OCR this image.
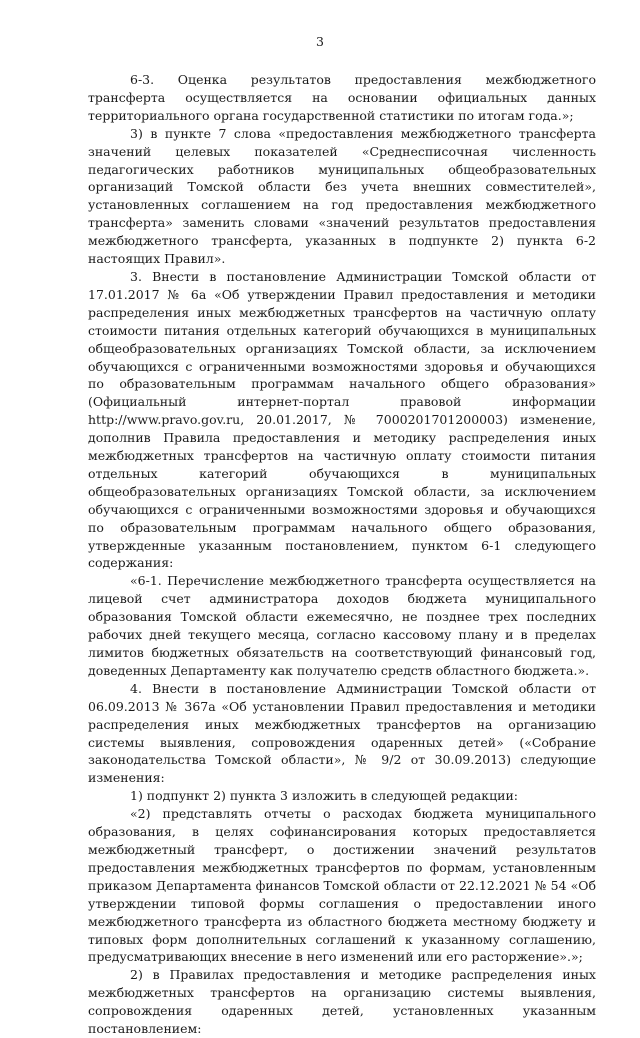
3

6-3. Оценка результатов предоставления межбюджетного трансферта осуществляется на основании официальных данных территориального органа государственной статистики по итогам года.»;

3) в пункте 7 слова «предоставления межбюджетного трансферта значений целевых показателей «Среднесписочная численность педагогических работников муниципальных общеобразовательных организаций Томской области без учета внешних совместителей», установленных соглашением на год предоставления межбюджетного трансферта» заменить словами «значений результатов предоставления межбюджетного трансферта, указанных в подпункте 2) пункта 6-2 настоящих Правил».

3. Внести в постановление Администрации Томской области от 17.01.2017 № 6а «Об утверждении Правил предоставления и методики распределения иных межбюджетных трансфертов на частичную оплату стоимости питания отдельных категорий обучающихся в муниципальных общеобразовательных организациях Томской области, за исключением обучающихся с ограниченными возможностями здоровья и обучающихся по образовательным программам начального общего образования» (Официальный интернет-портал правовой информации http://www.pravo.gov.ru, 20.01.2017, № 7000201701200003) изменение, дополнив Правила предоставления и методику распределения иных межбюджетных трансфертов на частичную оплату стоимости питания отдельных категорий обучающихся в муниципальных общеобразовательных организациях Томской области, за исключением обучающихся с ограниченными возможностями здоровья и обучающихся по образовательным программам начального общего образования, утвержденные указанным постановлением, пунктом 6-1 следующего содержания:

«6-1. Перечисление межбюджетного трансферта осуществляется на лицевой счет администратора доходов бюджета муниципального образования Томской области ежемесячно, не позднее трех последних рабочих дней текущего месяца, согласно кассовому плану и в пределах лимитов бюджетных обязательств на соответствующий финансовый год, доведенных Департаменту как получателю средств областного бюджета.».

4. Внести в постановление Администрации Томской области от 06.09.2013 № 367а «Об установлении Правил предоставления и методики распределения иных межбюджетных трансфертов на организацию системы выявления, сопровождения одаренных детей» («Собрание законодательства Томской области», № 9/2 от 30.09.2013) следующие изменения:

1) подпункт 2) пункта 3 изложить в следующей редакции:

«2) представлять отчеты о расходах бюджета муниципального образования, в целях софинансирования которых предоставляется межбюджетный трансферт, о достижении значений результатов предоставления межбюджетных трансфертов по формам, установленным приказом Департамента финансов Томской области от 22.12.2021 № 54 «Об утверждении типовой формы соглашения о предоставлении иного межбюджетного трансферта из областного бюджета местному бюджету и типовых форм дополнительных соглашений к указанному соглашению, предусматривающих внесение в него изменений или его расторжение».»;

2) в Правилах предоставления и методике распределения иных межбюджетных трансфертов на организацию системы выявления, сопровождения одаренных детей, установленных указанным постановлением:
